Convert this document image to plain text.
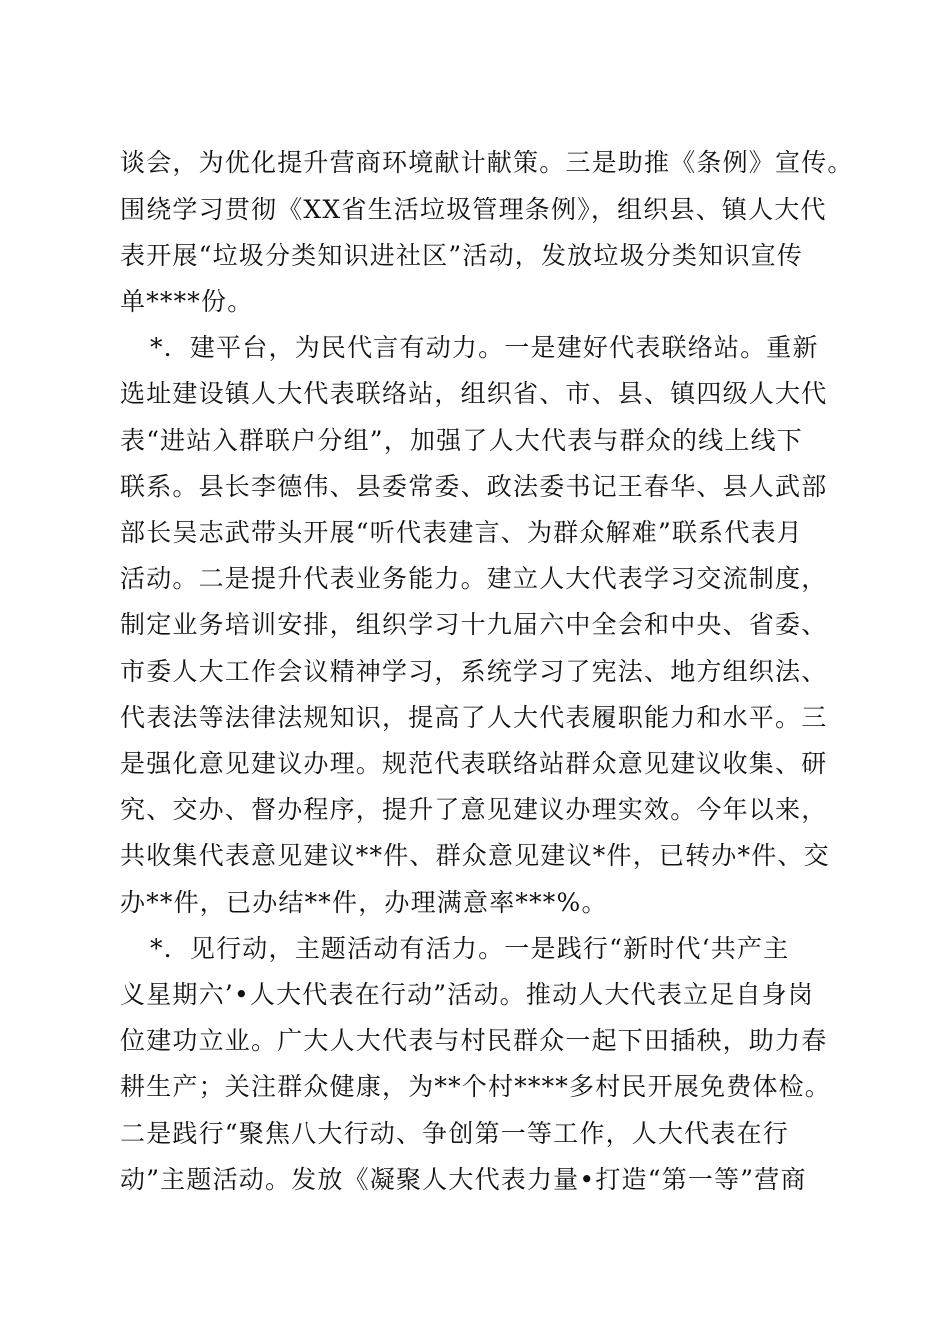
谈会，为优化提升营商环境献计献策。三是助推《条例》宣传。
围绕学习贯彻《XX省生活垃圾管理条例》，组织县、镇人大代
表开展“垃圾分类知识进社区”活动，发放垃圾分类知识宣传
单****份。
*．建平台，为民代言有动力。一是建好代表联络站。重新
选址建设镇人大代表联络站，组织省、市、县、镇四级人大代
表“进站入群联户分组”，加强了人大代表与群众的线上线下
联系。县长李德伟、县委常委、政法委书记王春华、县人武部
部长吴志武带头开展“听代表建言、为群众解难”联系代表月
活动。二是提升代表业务能力。建立人大代表学习交流制度，
制定业务培训安排，组织学习十九届六中全会和中央、省委、
市委人大工作会议精神学习，系统学习了宪法、地方组织法、
代表法等法律法规知识，提高了人大代表履职能力和水平。三
是强化意见建议办理。规范代表联络站群众意见建议收集、研
究、交办、督办程序，提升了意见建议办理实效。今年以来，
共收集代表意见建议**件、群众意见建议*件，已转办*件、交
办**件，已办结**件，办理满意率***%。
*．见行动，主题活动有活力。一是践行“新时代‘共产主
义星期六’•人大代表在行动”活动。推动人大代表立足自身岗
位建功立业。广大人大代表与村民群众一起下田插秧，助力春
耕生产；关注群众健康，为**个村****多村民开展免费体检。
二是践行“聚焦八大行动、争创第一等工作，人大代表在行
动”主题活动。发放《凝聚人大代表力量•打造“第一等”营商
